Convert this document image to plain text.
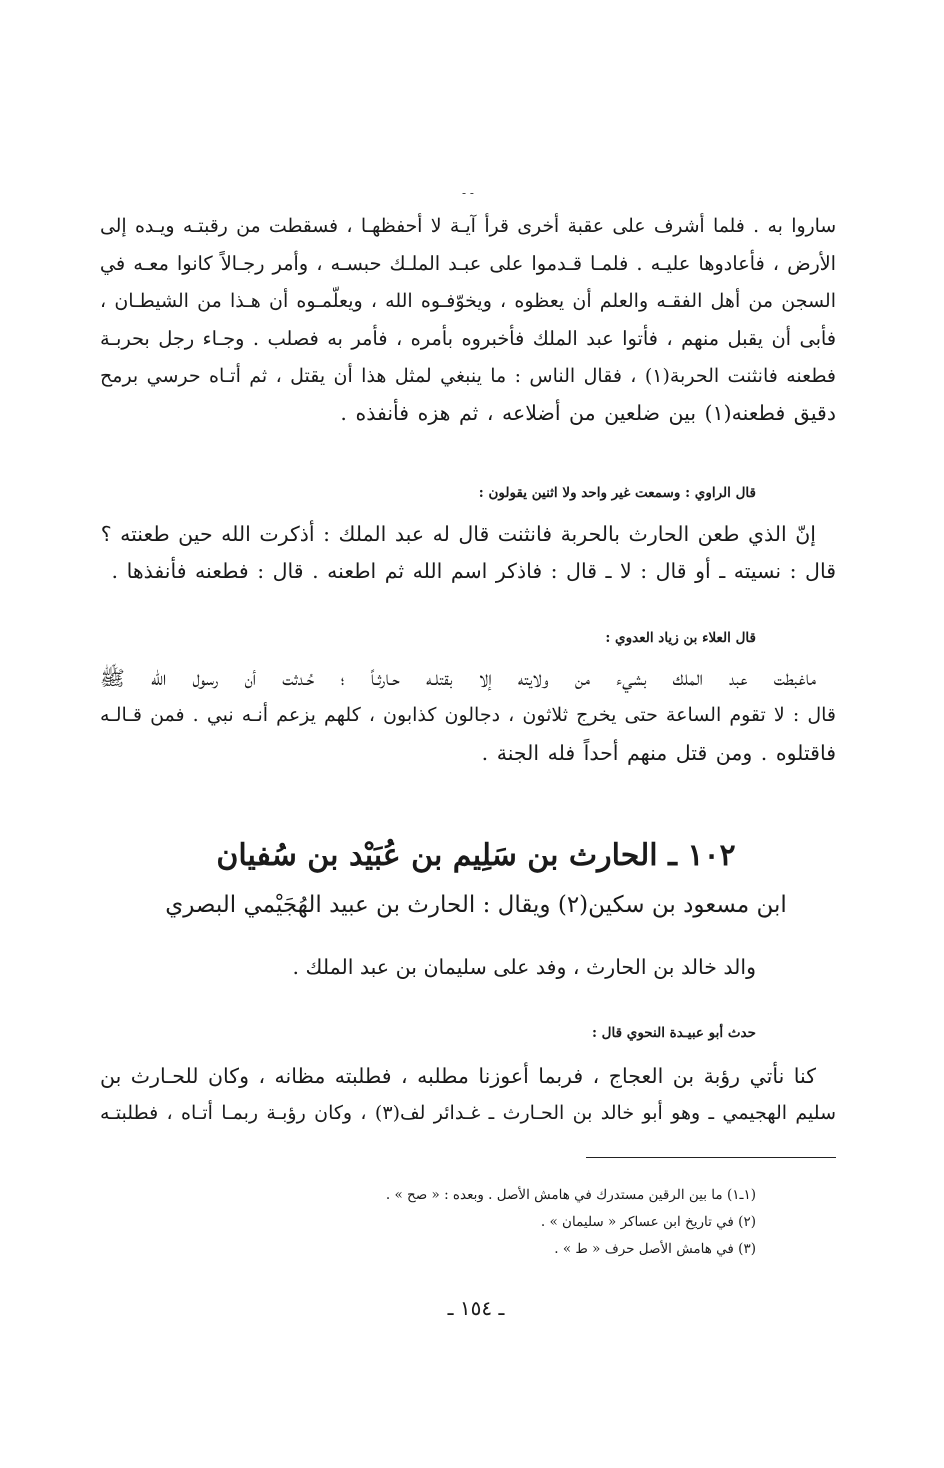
- -
ساروا به . فلما أشرف على عقبة أخرى قرأ آيـة لا أحفظهـا ، فسقطت من رقبتـه ويـده إلى
الأرض ، فأعادوها عليـه . فلمـا قـدموا على عبـد الملـك حبسـه ، وأمر رجـالاً كانوا معـه في
السجن من أهل الفقـه والعلم أن يعظوه ، ويخوّفـوه الله ، ويعلّمـوه أن هـذا من الشيطـان ،
فأبى أن يقبل منهم ، فأتوا عبد الملك فأخبروه بأمره ، فأمر به فصلب . وجـاء رجل بحربـة
فطعنه فانثنت الحربة(١) ، فقال الناس : ما ينبغي لمثل هذا أن يقتل ، ثم أتـاه حرسي برمح
دقيق فطعنه(١) بين ضلعين من أضلاعه ، ثم هزه فأنفذه .
قال الراوي : وسمعت غير واحد ولا اثنين يقولون :
إنّ الذي طعن الحارث بالحربة فانثنت قال له عبد الملك : أذكرت الله حين طعنته ؟
قال : نسيته ـ أو قال : لا ـ قال : فاذكر اسم الله ثم اطعنه . قال : فطعنه فأنفذها .
قال العلاء بن زياد العدوي :
ماغبطت عبد الملك بشيء من ولايته إلا بقتلـه حـارثـاً ؛ حُـدثت أن رسول الله ﷺ
قال : لا تقوم الساعة حتى يخرج ثلاثون ، دجالون كذابون ، كلهم يزعم أنـه نبي . فمن قـالـه
فاقتلوه . ومن قتل منهم أحداً فله الجنة .
١٠٢ ـ الحارث بن سَلِيم بن عُبَيْد بن سُفيان
ابن مسعود بن سكين(٢) ويقال : الحارث بن عبيد الهُجَيْمي البصري
والد خالد بن الحارث ، وفد على سليمان بن عبد الملك .
حدث أبو عبيـدة النحوي قال :
كنا نأتي رؤبة بن العجاج ، فربما أعوزنا مطلبه ، فطلبته مظانه ، وكان للحـارث بن
سليم الهجيمي ـ وهو أبو خالد بن الحـارث ـ غـدائر لف(٣) ، وكان رؤبـة ربمـا أتـاه ، فطلبتـه
(١ـ١) ما بين الرقين مستدرك في هامش الأصل . وبعده : « صح » .
(٢) في تاريخ ابن عساكر « سليمان » .
(٣) في هامش الأصل حرف « ط » .
ـ ١٥٤ ـ
